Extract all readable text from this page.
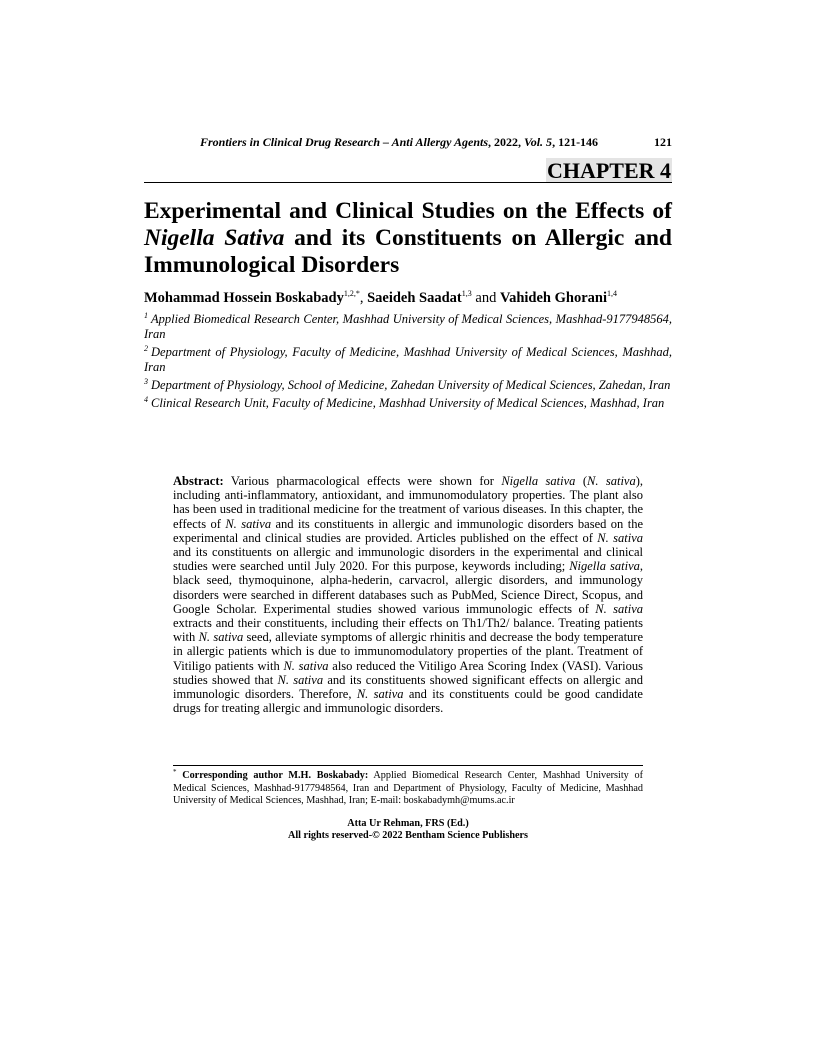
Frontiers in Clinical Drug Research – Anti Allergy Agents, 2022, Vol. 5, 121-146	121
CHAPTER 4
Experimental and Clinical Studies on the Effects of Nigella Sativa and its Constituents on Allergic and Immunological Disorders
Mohammad Hossein Boskabady$^{1,2,*}$, Saeideh Saadat$^{1,3}$ and Vahideh Ghorani$^{1,4}$
$^1$ Applied Biomedical Research Center, Mashhad University of Medical Sciences, Mashhad-9177948564, Iran
$^2$ Department of Physiology, Faculty of Medicine, Mashhad University of Medical Sciences, Mashhad, Iran
$^3$ Department of Physiology, School of Medicine, Zahedan University of Medical Sciences, Zahedan, Iran
$^4$ Clinical Research Unit, Faculty of Medicine, Mashhad University of Medical Sciences, Mashhad, Iran
Abstract: Various pharmacological effects were shown for Nigella sativa (N. sativa), including anti-inflammatory, antioxidant, and immunomodulatory properties. The plant also has been used in traditional medicine for the treatment of various diseases. In this chapter, the effects of N. sativa and its constituents in allergic and immunologic disorders based on the experimental and clinical studies are provided. Articles published on the effect of N. sativa and its constituents on allergic and immunologic disorders in the experimental and clinical studies were searched until July 2020. For this purpose, keywords including; Nigella sativa, black seed, thymoquinone, alpha-hederin, carvacrol, allergic disorders, and immunology disorders were searched in different databases such as PubMed, Science Direct, Scopus, and Google Scholar. Experimental studies showed various immunologic effects of N. sativa extracts and their constituents, including their effects on Th1/Th2/ balance. Treating patients with N. sativa seed, alleviate symptoms of allergic rhinitis and decrease the body temperature in allergic patients which is due to immunomodulatory properties of the plant. Treatment of Vitiligo patients with N. sativa also reduced the Vitiligo Area Scoring Index (VASI). Various studies showed that N. sativa and its constituents showed significant effects on allergic and immunologic disorders. Therefore, N. sativa and its constituents could be good candidate drugs for treating allergic and immunologic disorders.
* Corresponding author M.H. Boskabady: Applied Biomedical Research Center, Mashhad University of Medical Sciences, Mashhad-9177948564, Iran and Department of Physiology, Faculty of Medicine, Mashhad University of Medical Sciences, Mashhad, Iran; E-mail: boskabadymh@mums.ac.ir
Atta Ur Rehman, FRS (Ed.)
All rights reserved-© 2022 Bentham Science Publishers
